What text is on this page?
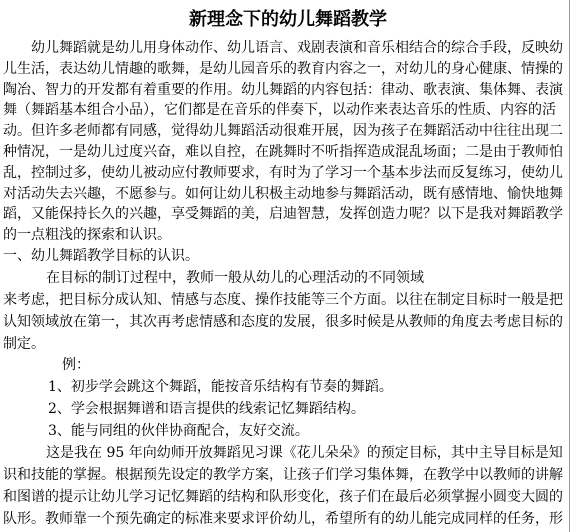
新理念下的幼儿舞蹈教学
幼儿舞蹈就是幼儿用身体动作、幼儿语言、戏剧表演和音乐相结合的综合手段，反映幼
儿生活，表达幼儿情趣的歌舞，是幼儿园音乐的教育内容之一，对幼儿的身心健康、情操的
陶冶、智力的开发都有着重要的作用。幼儿舞蹈的内容包括：律动、歌表演、集体舞、表演
舞（舞蹈基本组合小品），它们都是在音乐的伴奏下，以动作来表达音乐的性质、内容的活
动。但许多老师都有同感，觉得幼儿舞蹈活动很难开展，因为孩子在舞蹈活动中往往出现二
种情况，一是幼儿过度兴奋，难以自控，在跳舞时不听指挥造成混乱场面；二是由于教师怕
乱，控制过多，使幼儿被动应付教师要求，有时为了学习一个基本步法而反复练习，使幼儿
对活动失去兴趣，不愿参与。如何让幼儿积极主动地参与舞蹈活动，既有感情地、愉快地舞
蹈，又能保持长久的兴趣，享受舞蹈的美，启迪智慧，发挥创造力呢？以下是我对舞蹈教学
的一点粗浅的探索和认识。
一、幼儿舞蹈教学目标的认识。
在目标的制订过程中，教师一般从幼儿的心理活动的不同领域
来考虑，把目标分成认知、情感与态度、操作技能等三个方面。以往在制定目标时一般是把
认知领域放在第一，其次再考虑情感和态度的发展，很多时候是从教师的角度去考虑目标的
制定。
例：
1、初步学会跳这个舞蹈，能按音乐结构有节奏的舞蹈。
2、学会根据舞谱和语言提供的线索记忆舞蹈结构。
3、能与同组的伙伴协商配合，友好交流。
这是我在 95 年向幼师开放舞蹈见习课《花儿朵朵》的预定目标，其中主导目标是知
识和技能的掌握。根据预先设定的教学方案，让孩子们学习集体舞，在教学中以教师的讲解
和图谱的提示让幼儿学习记忆舞蹈的结构和队形变化，孩子们在最后必须掌握小圆变大圆的
队形。教师靠一个预先确定的标准来要求评价幼儿，希望所有的幼儿能完成同样的任务，形
